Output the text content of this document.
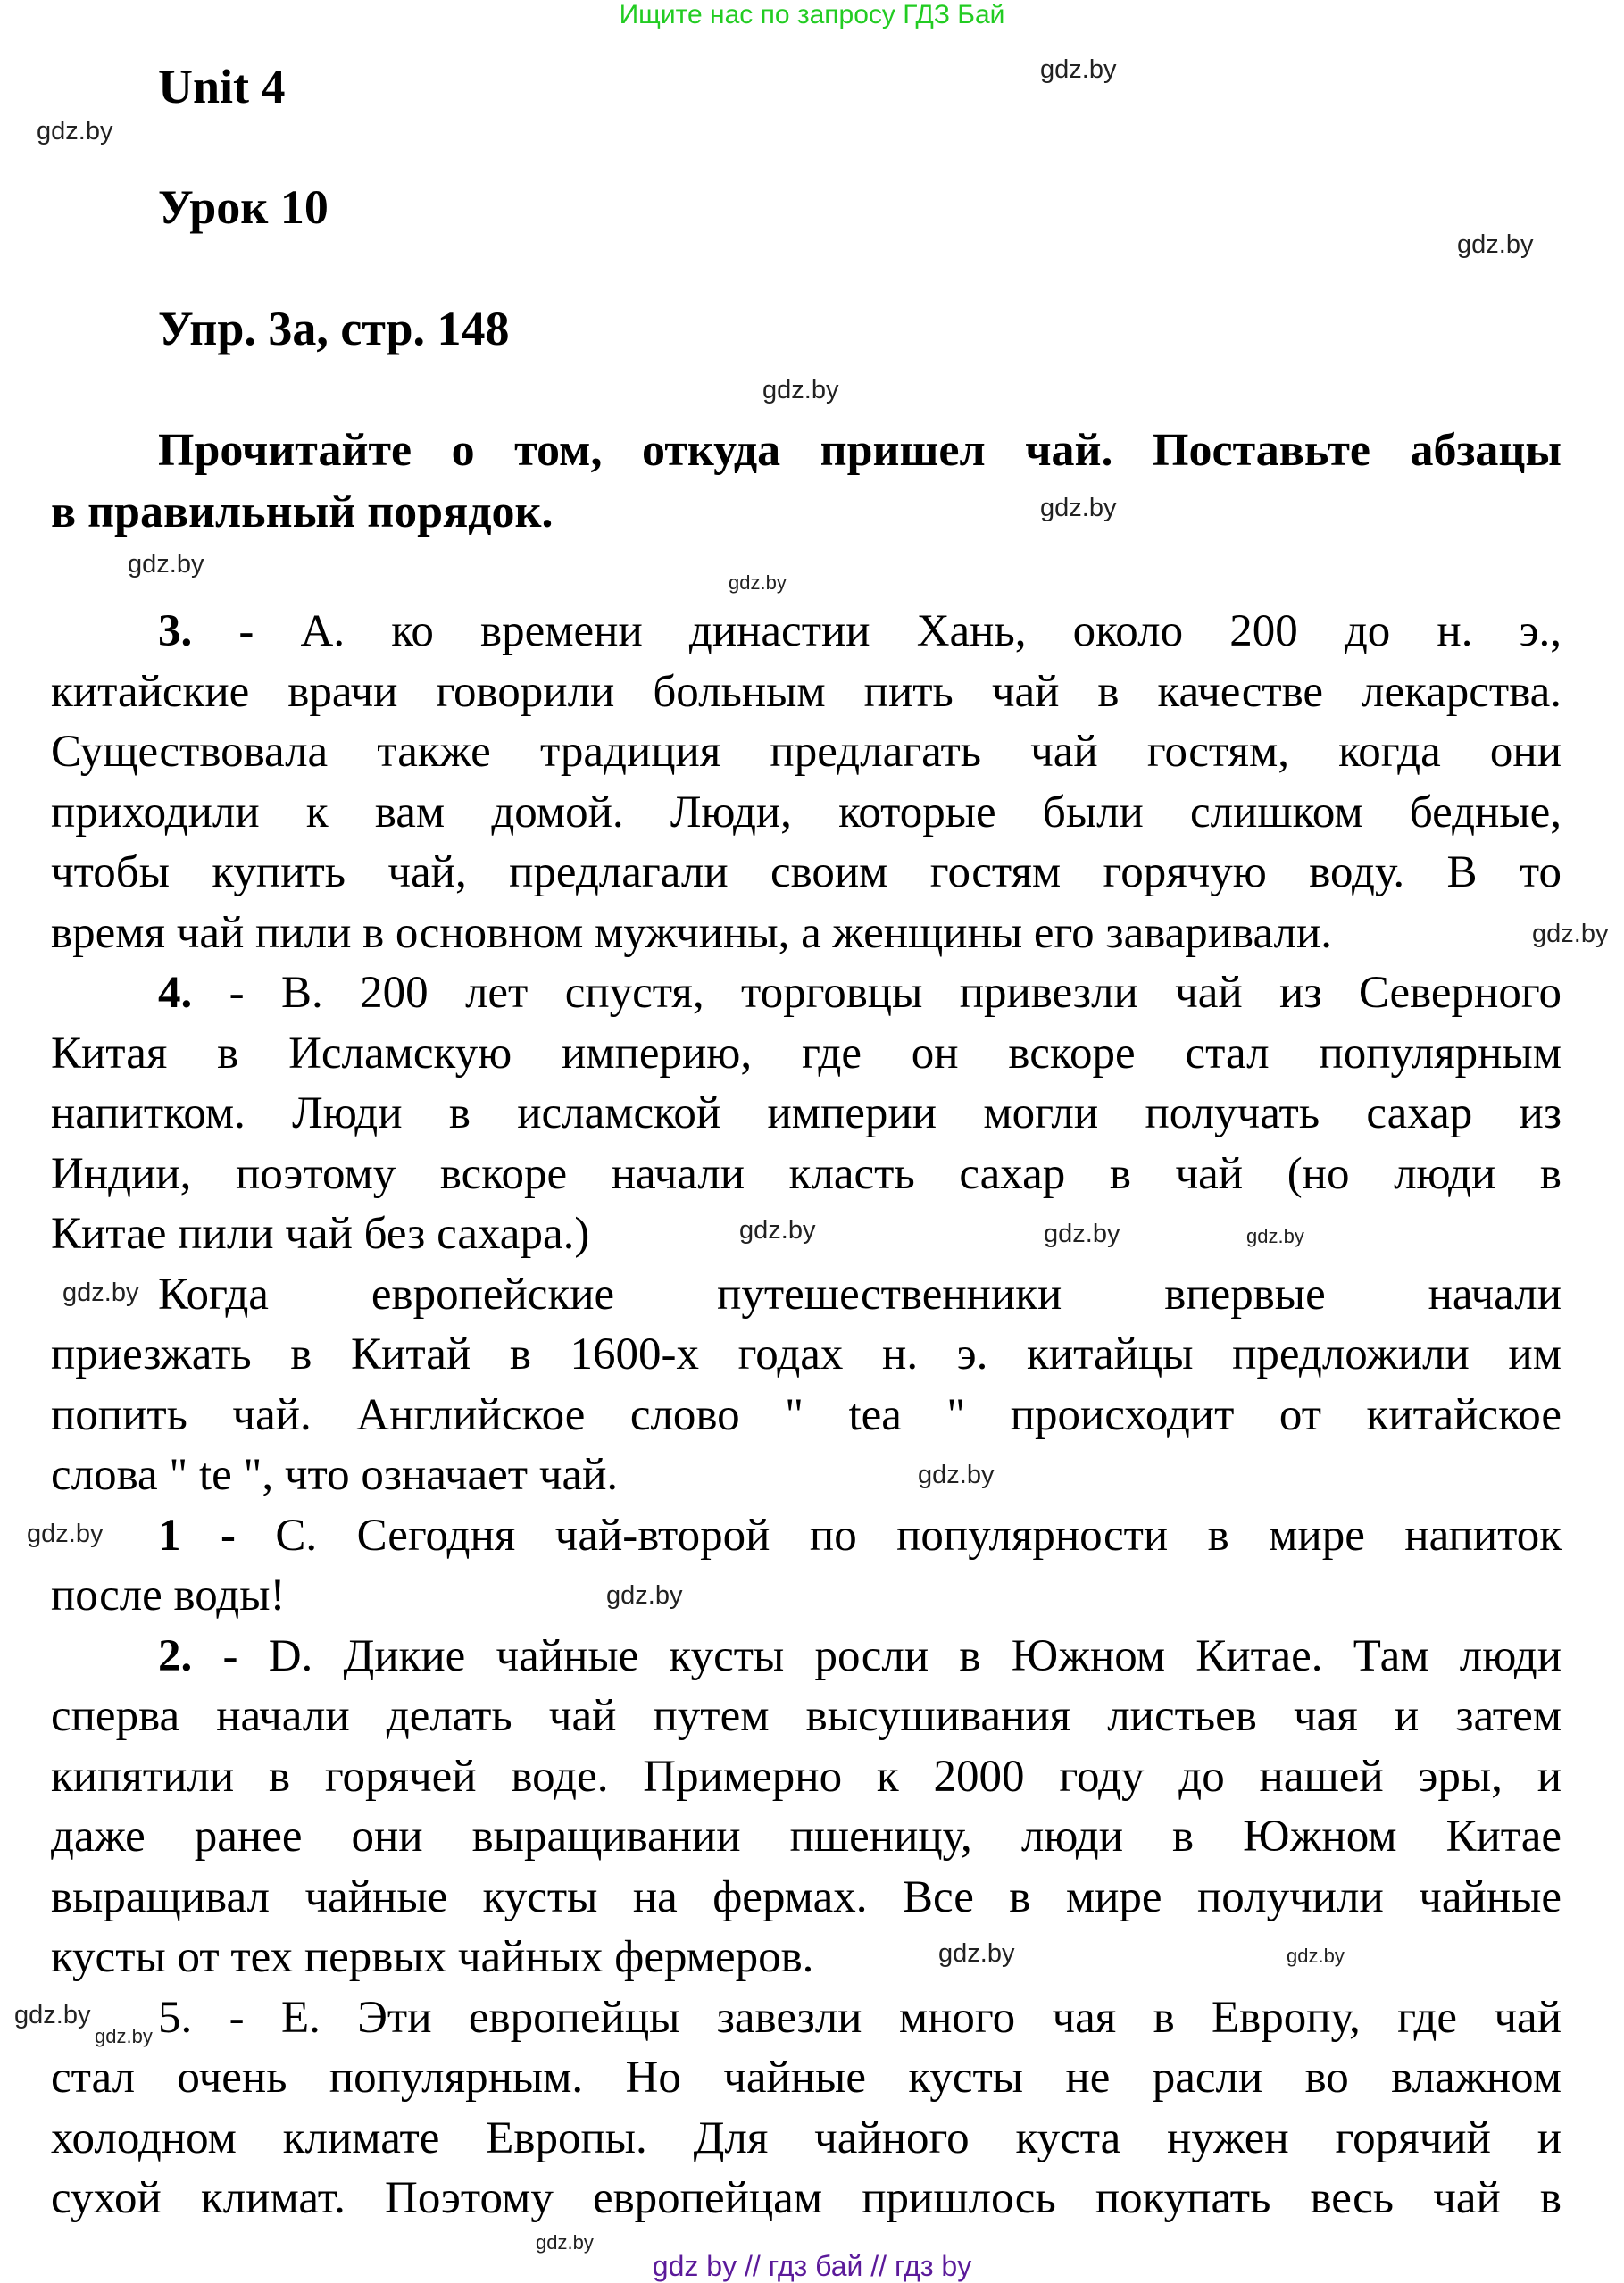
Ищите нас по запросу ГДЗ Бай
Unit 4
Урок 10
Упр. 3а, стр. 148
Прочитайте о том, откуда пришел чай. Поставьте абзацы
в правильный порядок.
3. - А. ко времени династии Хань, около 200 до н. э.,
китайские врачи говорили больным пить чай в качестве лекарства.
Существовала также традиция предлагать чай гостям, когда они
приходили к вам домой. Люди, которые были слишком бедные,
чтобы купить чай, предлагали своим гостям горячую воду. В то
время чай пили в основном мужчины, а женщины его заваривали.
4. - В. 200 лет спустя, торговцы привезли чай из Северного
Китая в Исламскую империю, где он вскоре стал популярным
напитком. Люди в исламской империи могли получать сахар из
Индии, поэтому вскоре начали класть сахар в чай (но люди в
Китае пили чай без сахара.)
Когда европейские путешественники впервые начали
приезжать в Китай в 1600-х годах н. э. китайцы предложили им
попить чай. Английское слово " tea " происходит от китайское
слова " te ", что означает чай.
1 - С. Сегодня чай-второй по популярности в мире напиток
после воды!
2. - D. Дикие чайные кусты росли в Южном Китае. Там люди
сперва начали делать чай путем высушивания листьев чая и затем
кипятили в горячей воде. Примерно к 2000 году до нашей эры, и
даже ранее они выращивании пшеницу, люди в Южном Китае
выращивал чайные кусты на фермах. Все в мире получили чайные
кусты от тех первых чайных фермеров.
5. - Е. Эти европейцы завезли много чая в Европу, где чай
стал очень популярным. Но чайные кусты не расли во влажном
холодном климате Европы. Для чайного куста нужен горячий и
сухой климат. Поэтому европейцам пришлось покупать весь чай в
gdz.by
gdz.by
gdz.by
gdz.by
gdz.by
gdz.by
gdz.by
gdz.by
gdz.by
gdz.by	gdz.by
gdz.by
gdz.by
gdz.by
gdz.by
gdz.by
gdz.by
gdz.by
gdz.by
gdz.by
gdz by // гдз бай // гдз by
